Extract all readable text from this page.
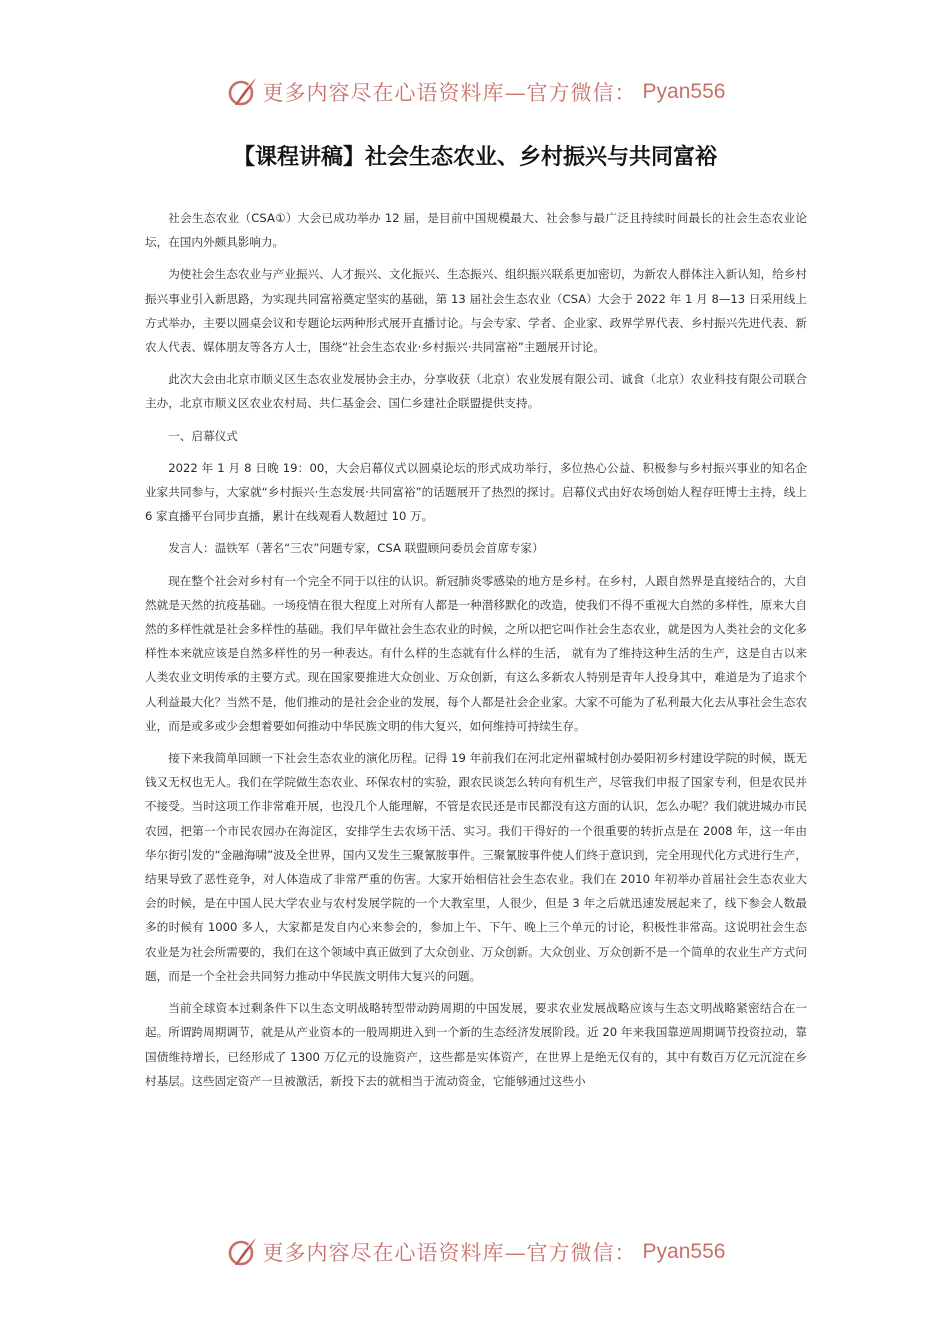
更多内容尽在心语资料库—官方微信： Pyan556
【课程讲稿】社会生态农业、乡村振兴与共同富裕

社会生态农业（CSA①）大会已成功举办 12 届，是目前中国规模最大、社会参与最广泛且持续时间最长的社会生态农业论坛，在国内外颇具影响力。

为使社会生态农业与产业振兴、人才振兴、文化振兴、生态振兴、组织振兴联系更加密切，为新农人群体注入新认知，给乡村振兴事业引入新思路，为实现共同富裕奠定坚实的基础，第 13 届社会生态农业（CSA）大会于 2022 年 1 月 8—13 日采用线上方式举办，主要以圆桌会议和专题论坛两种形式展开直播讨论。与会专家、学者、企业家、政界学界代表、乡村振兴先进代表、新农人代表、媒体朋友等各方人士，围绕“社会生态农业·乡村振兴·共同富裕”主题展开讨论。

此次大会由北京市顺义区生态农业发展协会主办，分享收获（北京）农业发展有限公司、诚食（北京）农业科技有限公司联合主办，北京市顺义区农业农村局、共仁基金会、国仁乡建社企联盟提供支持。

一、启幕仪式

2022 年 1 月 8 日晚 19：00，大会启幕仪式以圆桌论坛的形式成功举行，多位热心公益、积极参与乡村振兴事业的知名企业家共同参与，大家就“乡村振兴·生态发展·共同富裕”的话题展开了热烈的探讨。启幕仪式由好农场创始人程存旺博士主持，线上 6 家直播平台同步直播，累计在线观看人数超过 10 万。

发言人：温铁军（著名“三农”问题专家，CSA 联盟顾问委员会首席专家）

现在整个社会对乡村有一个完全不同于以往的认识。新冠肺炎零感染的地方是乡村。在乡村，人跟自然界是直接结合的，大自然就是天然的抗疫基础。一场疫情在很大程度上对所有人都是一种潜移默化的改造，使我们不得不重视大自然的多样性，原来大自然的多样性就是社会多样性的基础。我们早年做社会生态农业的时候，之所以把它叫作社会生态农业，就是因为人类社会的文化多样性本来就应该是自然多样性的另一种表达。有什么样的生态就有什么样的生活， 就有为了维持这种生活的生产，这是自古以来人类农业文明传承的主要方式。现在国家要推进大众创业、万众创新，有这么多新农人特别是青年人投身其中，难道是为了追求个人利益最大化？当然不是，他们推动的是社会企业的发展，每个人都是社会企业家。大家不可能为了私利最大化去从事社会生态农业，而是或多或少会想着要如何推动中华民族文明的伟大复兴，如何维持可持续生存。

接下来我简单回顾一下社会生态农业的演化历程。记得 19 年前我们在河北定州翟城村创办晏阳初乡村建设学院的时候，既无钱又无权也无人。我们在学院做生态农业、环保农村的实验，跟农民谈怎么转向有机生产，尽管我们申报了国家专利，但是农民并不接受。当时这项工作非常难开展，也没几个人能理解，不管是农民还是市民都没有这方面的认识，怎么办呢？我们就进城办市民农园，把第一个市民农园办在海淀区，安排学生去农场干活、实习。我们干得好的一个很重要的转折点是在 2008 年，这一年由华尔街引发的“金融海啸”波及全世界，国内又发生三聚氰胺事件。三聚氰胺事件使人们终于意识到，完全用现代化方式进行生产，结果导致了恶性竞争，对人体造成了非常严重的伤害。大家开始相信社会生态农业。我们在 2010 年初举办首届社会生态农业大会的时候，是在中国人民大学农业与农村发展学院的一个大教室里，人很少，但是 3 年之后就迅速发展起来了，线下参会人数最多的时候有 1000 多人，大家都是发自内心来参会的，参加上午、下午、晚上三个单元的讨论，积极性非常高。这说明社会生态农业是为社会所需要的，我们在这个领域中真正做到了大众创业、万众创新。大众创业、万众创新不是一个简单的农业生产方式问题，而是一个全社会共同努力推动中华民族文明伟大复兴的问题。

当前全球资本过剩条件下以生态文明战略转型带动跨周期的中国发展，要求农业发展战略应该与生态文明战略紧密结合在一起。所谓跨周期调节，就是从产业资本的一般周期进入到一个新的生态经济发展阶段。近 20 年来我国靠逆周期调节投资拉动，靠国债维持增长，已经形成了 1300 万亿元的设施资产，这些都是实体资产，在世界上是绝无仅有的，其中有数百万亿元沉淀在乡村基层。这些固定资产一旦被激活，新投下去的就相当于流动资金，它能够通过这些小

更多内容尽在心语资料库—官方微信： Pyan556
